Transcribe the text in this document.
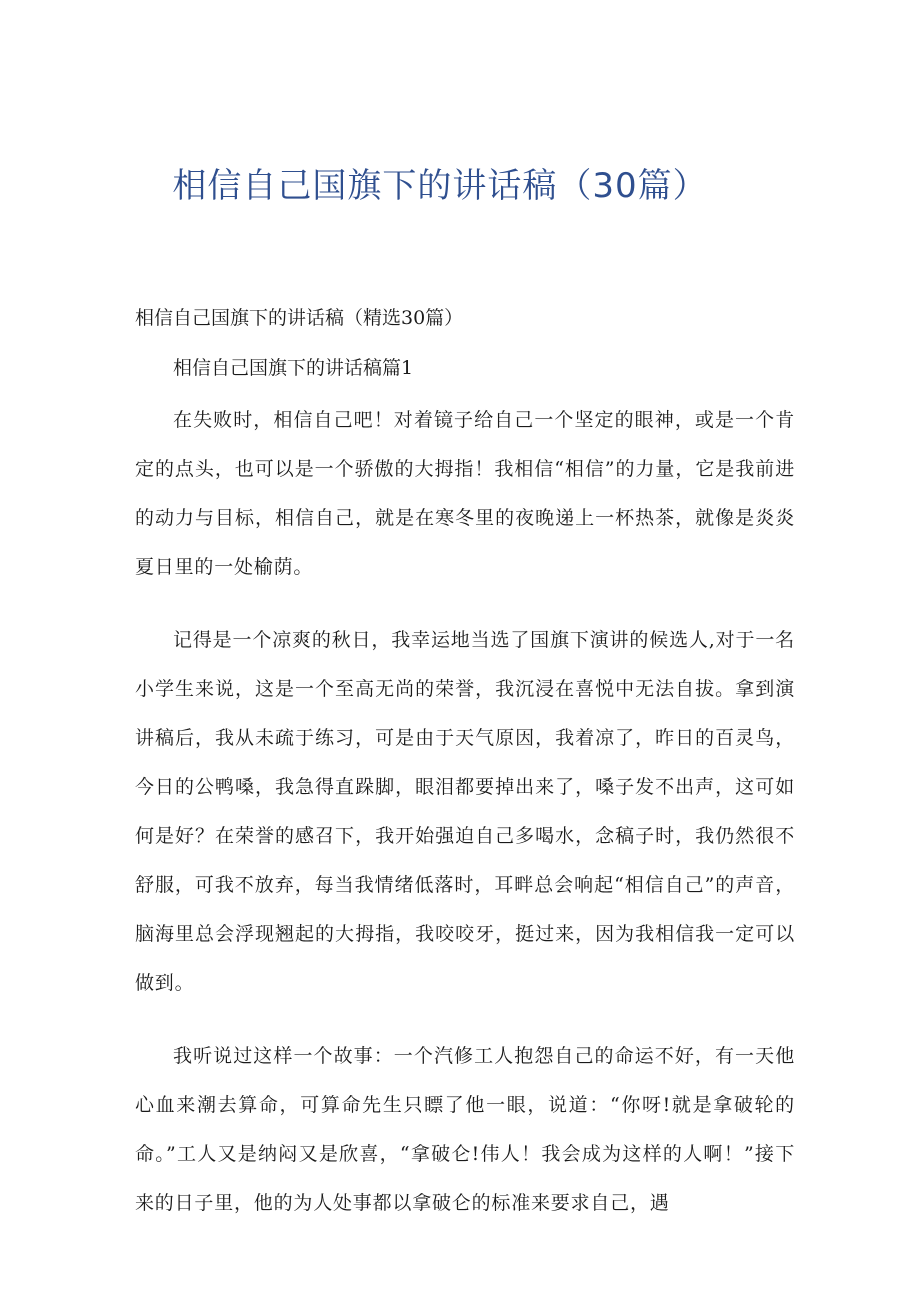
相信自己国旗下的讲话稿（30篇）

相信自己国旗下的讲话稿（精选30篇）

相信自己国旗下的讲话稿篇1

在失败时，相信自己吧！对着镜子给自己一个坚定的眼神，或是一个肯定的点头，也可以是一个骄傲的大拇指！我相信“相信”的力量，它是我前进的动力与目标，相信自己，就是在寒冬里的夜晚递上一杯热茶，就像是炎炎夏日里的一处榆荫。

记得是一个凉爽的秋日，我幸运地当选了国旗下演讲的候选人,对于一名小学生来说，这是一个至高无尚的荣誉，我沉浸在喜悦中无法自拔。拿到演讲稿后，我从未疏于练习，可是由于天气原因，我着凉了，昨日的百灵鸟，今日的公鸭嗓，我急得直跺脚，眼泪都要掉出来了，嗓子发不出声，这可如何是好？在荣誉的感召下，我开始强迫自己多喝水，念稿子时，我仍然很不舒服，可我不放弃，每当我情绪低落时，耳畔总会响起“相信自己”的声音，脑海里总会浮现翘起的大拇指，我咬咬牙，挺过来，因为我相信我一定可以做到。

我听说过这样一个故事：一个汽修工人抱怨自己的命运不好，有一天他心血来潮去算命，可算命先生只瞟了他一眼，说道：“你呀!就是拿破轮的命。”工人又是纳闷又是欣喜，“拿破仑!伟人！我会成为这样的人啊！”接下来的日子里，他的为人处事都以拿破仑的标准来要求自己，遇
